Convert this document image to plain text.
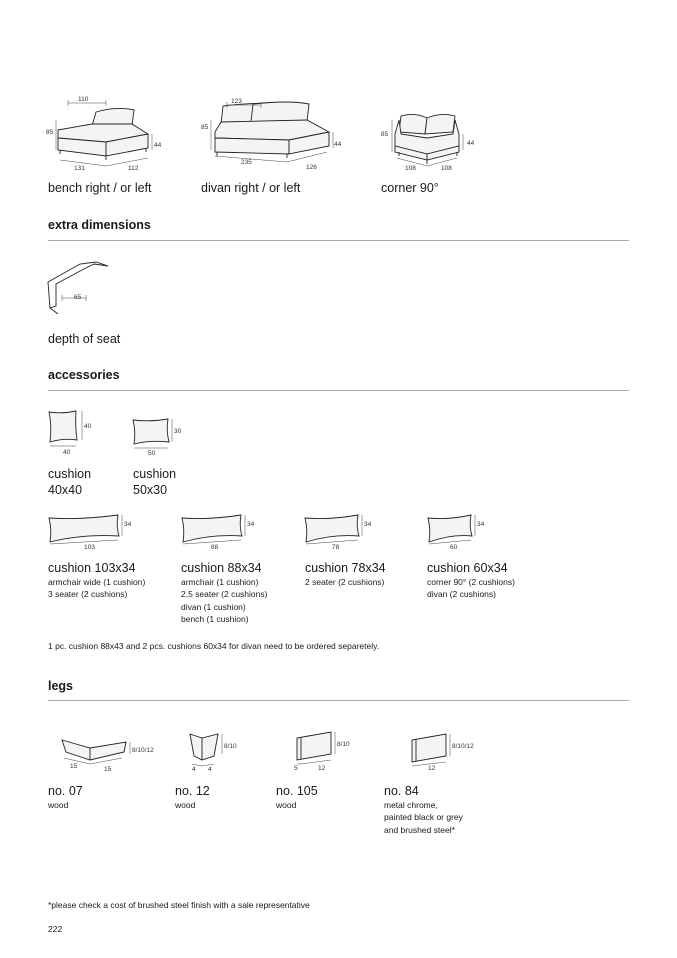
110
85
44
131	112
123
85
44
235
126
85
44
108	108
bench right / or left	divan right / or left	corner 90°
extra dimensions
65
depth of seat
accessories
40
40
30
50
cushion
40x40
cushion
50x30
34
103
34
88
34
78
34
60
cushion 103x34
armchair wide (1 cushion)
3 seater (2 cushions)
cushion 88x34
armchair (1 cushion)
2,5 seater (2 cushions)
divan (1 cushion)
bench (1 cushion)
cushion 78x34
2 seater (2 cushions)
cushion 60x34
corner 90° (2 cushions)
divan (2 cushions)
1 pc. cushion 88x43 and 2 pcs. cushions 60x34 for divan need to be ordered separetely.
legs
8/10/12
15	15
8/10
4 4
8/10
5	12
8/10/12
12
no. 07
wood
no. 12
wood
no. 105
wood
no. 84
metal chrome,
painted black or grey
and brushed steel*
*please check a cost of brushed steel finish with a sale representative
222
